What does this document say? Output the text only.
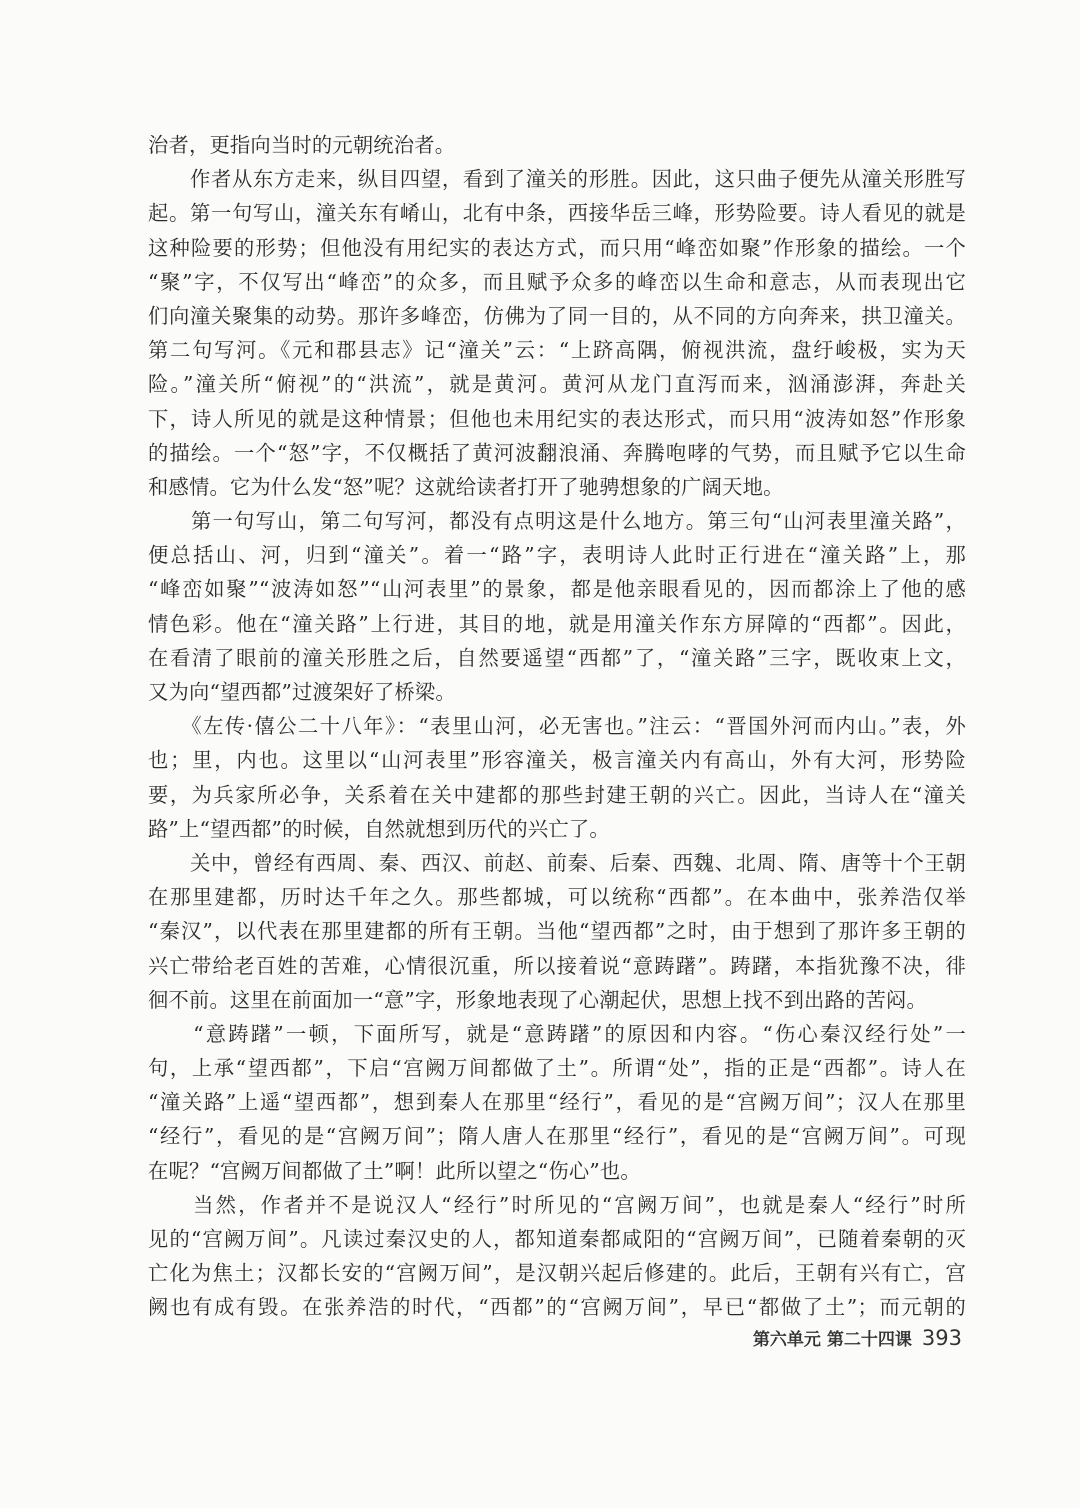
治者，更指向当时的元朝统治者。
　　作者从东方走来，纵目四望，看到了潼关的形胜。因此，这只曲子便先从潼关形胜写
起。第一句写山，潼关东有崤山，北有中条，西接华岳三峰，形势险要。诗人看见的就是
这种险要的形势；但他没有用纪实的表达方式，而只用“峰峦如聚”作形象的描绘。一个
“聚”字，不仅写出“峰峦”的众多，而且赋予众多的峰峦以生命和意志，从而表现出它
们向潼关聚集的动势。那许多峰峦，仿佛为了同一目的，从不同的方向奔来，拱卫潼关。
第二句写河。《元和郡县志》记“潼关”云：“上跻高隅，俯视洪流，盘纡峻极，实为天
险。”潼关所“俯视”的“洪流”，就是黄河。黄河从龙门直泻而来，汹涌澎湃，奔赴关
下，诗人所见的就是这种情景；但他也未用纪实的表达形式，而只用“波涛如怒”作形象
的描绘。一个“怒”字，不仅概括了黄河波翻浪涌、奔腾咆哮的气势，而且赋予它以生命
和感情。它为什么发“怒”呢？这就给读者打开了驰骋想象的广阔天地。
　　第一句写山，第二句写河，都没有点明这是什么地方。第三句“山河表里潼关路”，
便总括山、河，归到“潼关”。着一“路”字，表明诗人此时正行进在“潼关路”上，那
“峰峦如聚”“波涛如怒”“山河表里”的景象，都是他亲眼看见的，因而都涂上了他的感
情色彩。他在“潼关路”上行进，其目的地，就是用潼关作东方屏障的“西都”。因此，
在看清了眼前的潼关形胜之后，自然要遥望“西都”了，“潼关路”三字，既收束上文，
又为向“望西都”过渡架好了桥梁。
　　《左传·僖公二十八年》：“表里山河，必无害也。”注云：“晋国外河而内山。”表，外
也；里，内也。这里以“山河表里”形容潼关，极言潼关内有高山，外有大河，形势险
要，为兵家所必争，关系着在关中建都的那些封建王朝的兴亡。因此，当诗人在“潼关
路”上“望西都”的时候，自然就想到历代的兴亡了。
　　关中，曾经有西周、秦、西汉、前赵、前秦、后秦、西魏、北周、隋、唐等十个王朝
在那里建都，历时达千年之久。那些都城，可以统称“西都”。在本曲中，张养浩仅举
“秦汉”，以代表在那里建都的所有王朝。当他“望西都”之时，由于想到了那许多王朝的
兴亡带给老百姓的苦难，心情很沉重，所以接着说“意踌躇”。踌躇，本指犹豫不决，徘
徊不前。这里在前面加一“意”字，形象地表现了心潮起伏，思想上找不到出路的苦闷。
　　“意踌躇”一顿，下面所写，就是“意踌躇”的原因和内容。“伤心秦汉经行处”一
句，上承“望西都”，下启“宫阙万间都做了土”。所谓“处”，指的正是“西都”。诗人在
“潼关路”上遥“望西都”，想到秦人在那里“经行”，看见的是“宫阙万间”；汉人在那里
“经行”，看见的是“宫阙万间”；隋人唐人在那里“经行”，看见的是“宫阙万间”。可现
在呢？“宫阙万间都做了土”啊！此所以望之“伤心”也。
　　当然，作者并不是说汉人“经行”时所见的“宫阙万间”，也就是秦人“经行”时所
见的“宫阙万间”。凡读过秦汉史的人，都知道秦都咸阳的“宫阙万间”，已随着秦朝的灭
亡化为焦土；汉都长安的“宫阙万间”，是汉朝兴起后修建的。此后，王朝有兴有亡，宫
阙也有成有毁。在张养浩的时代，“西都”的“宫阙万间”，早已“都做了土”；而元朝的
第六单元 第二十四课 393
